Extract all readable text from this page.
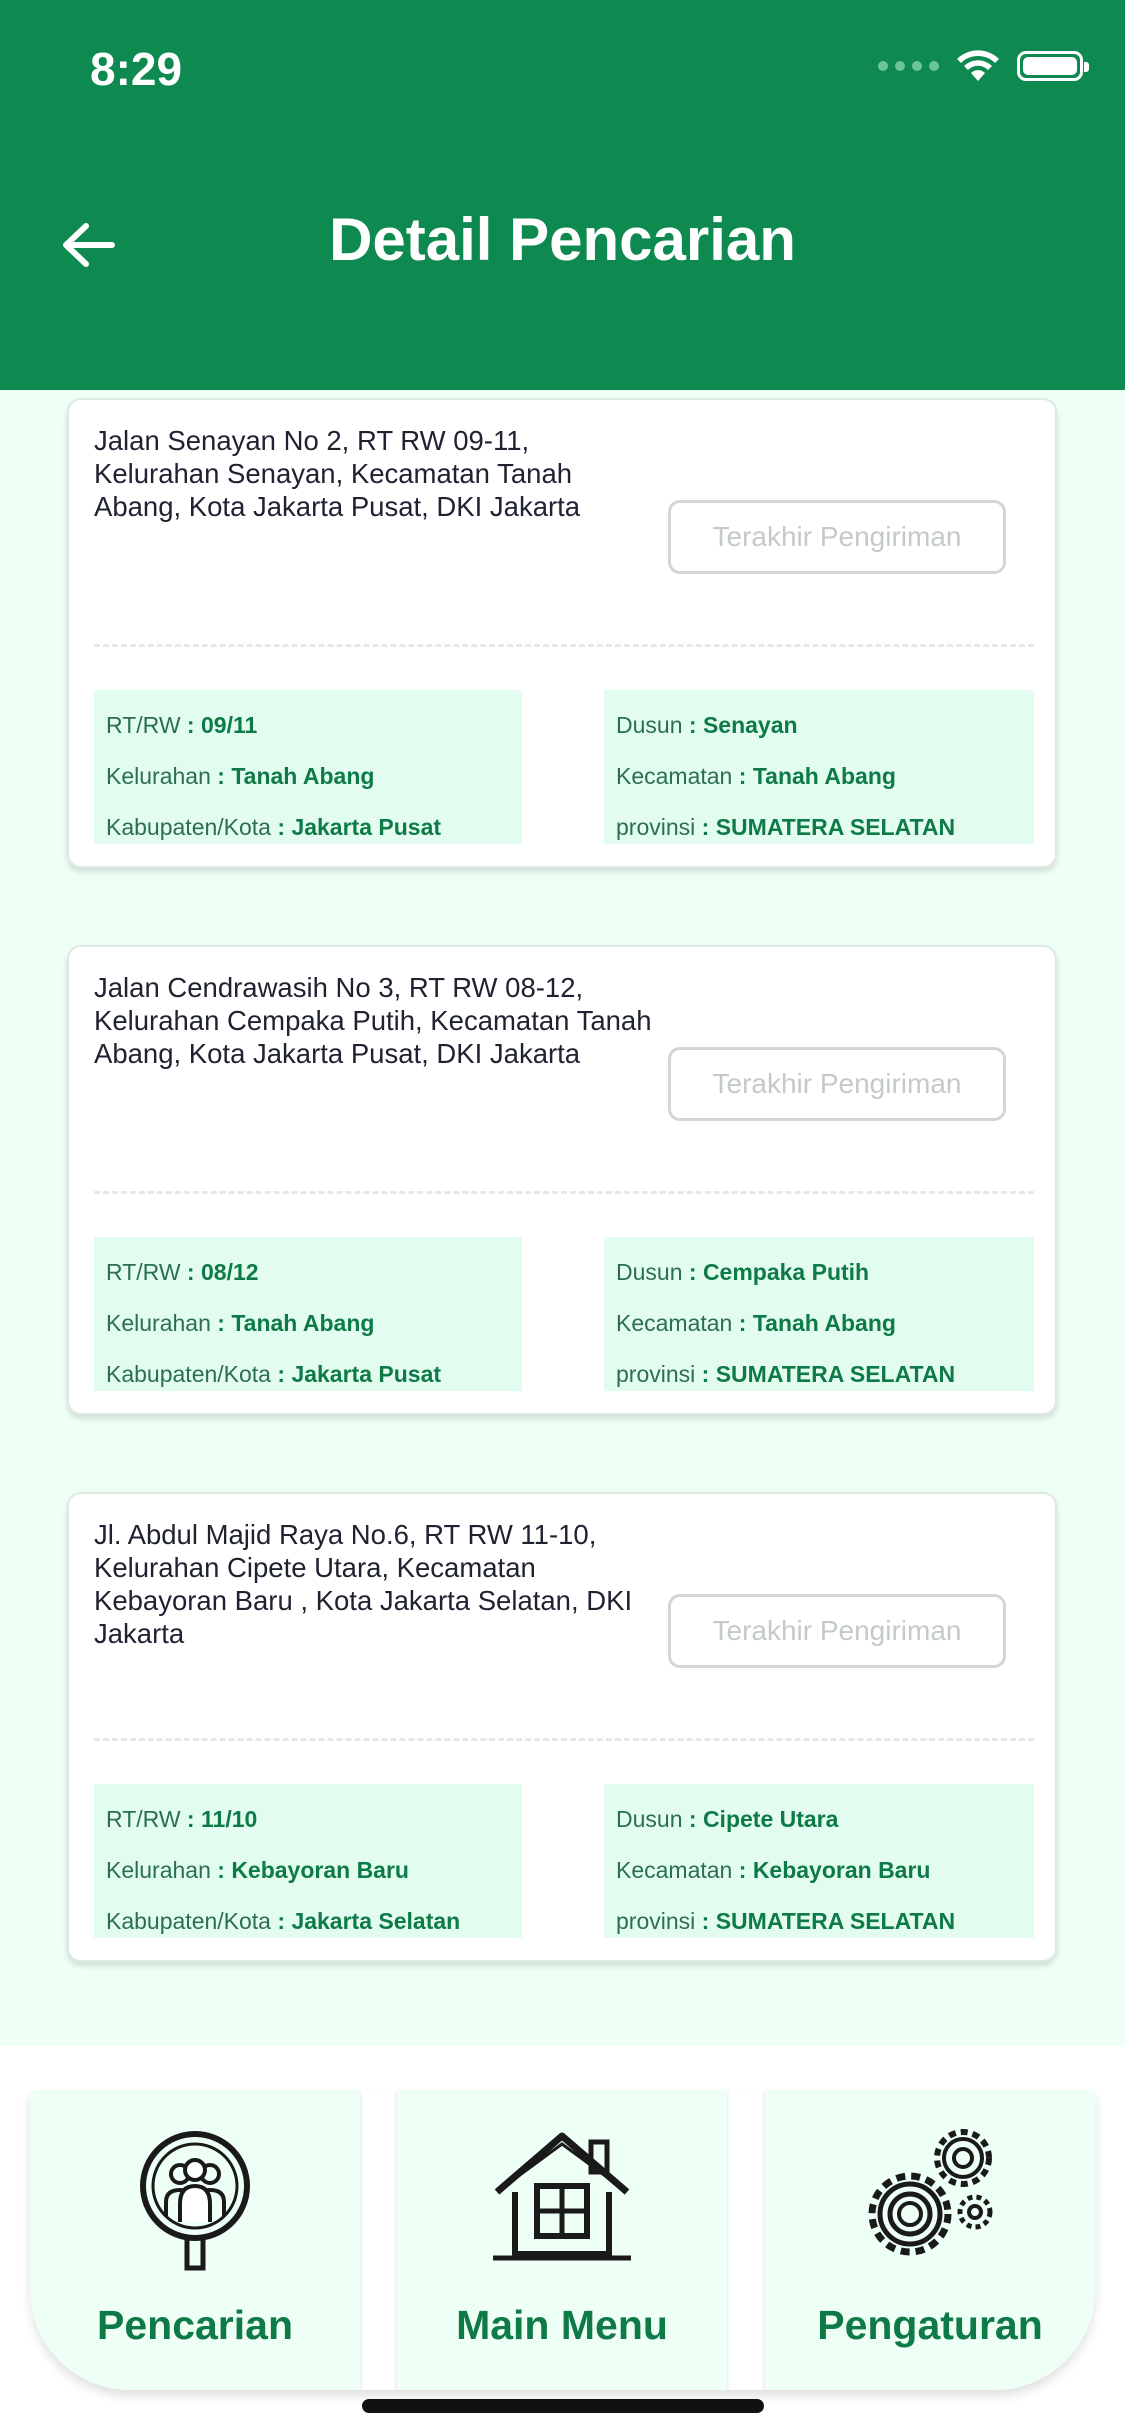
8:29
Detail Pencarian
Jalan Senayan No 2, RT RW 09-11, Kelurahan Senayan, Kecamatan Tanah Abang, Kota Jakarta Pusat, DKI Jakarta
Terakhir Pengiriman
RT/RW : 09/11
Kelurahan : Tanah Abang
Kabupaten/Kota : Jakarta Pusat
Dusun : Senayan
Kecamatan : Tanah Abang
provinsi : SUMATERA SELATAN
Jalan Cendrawasih No 3, RT RW 08-12, Kelurahan Cempaka Putih, Kecamatan Tanah Abang, Kota Jakarta Pusat, DKI Jakarta
Terakhir Pengiriman
RT/RW : 08/12
Kelurahan : Tanah Abang
Kabupaten/Kota : Jakarta Pusat
Dusun : Cempaka Putih
Kecamatan : Tanah Abang
provinsi : SUMATERA SELATAN
Jl. Abdul Majid Raya No.6, RT RW 11-10, Kelurahan Cipete Utara, Kecamatan Kebayoran Baru , Kota Jakarta Selatan, DKI Jakarta	Terakhir Pengiriman
RT/RW : 11/10
Kelurahan : Kebayoran Baru
Kabupaten/Kota : Jakarta Selatan
Dusun : Cipete Utara
Kecamatan : Kebayoran Baru
provinsi : SUMATERA SELATAN
Pencarian	Main Menu	Pengaturan
